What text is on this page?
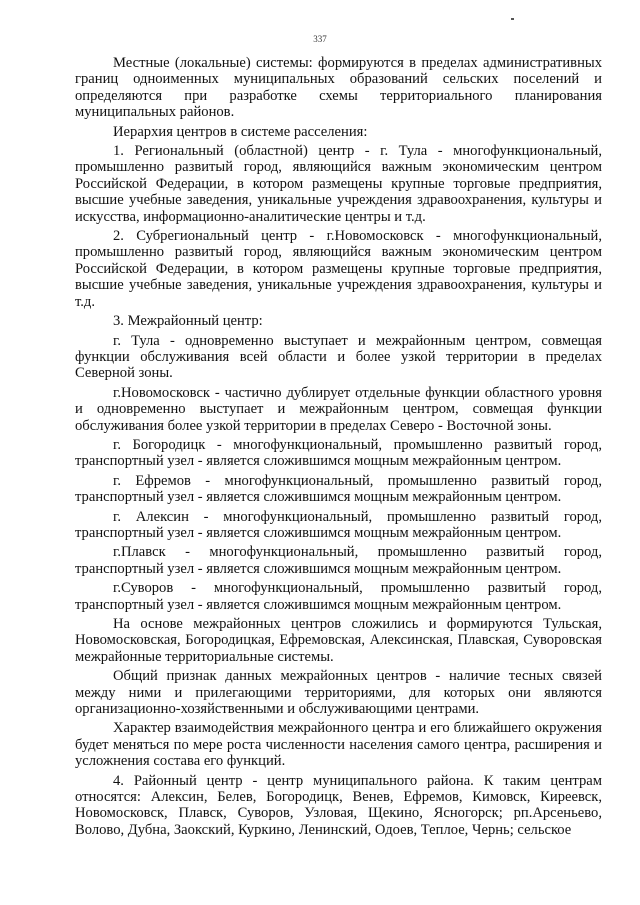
337

Местные (локальные) системы: формируются в пределах административных границ одноименных муниципальных образований сельских поселений и определяются при разработке схемы территориального планирования муниципальных районов.

Иерархия центров в системе расселения:

1. Региональный (областной) центр - г. Тула - многофункциональный, промышленно развитый город, являющийся важным экономическим центром Российской Федерации, в котором размещены крупные торговые предприятия, высшие учебные заведения, уникальные учреждения здравоохранения, культуры и искусства, информационно-аналитические центры и т.д.

2. Субрегиональный центр - г.Новомосковск - многофункциональный, промышленно развитый город, являющийся важным экономическим центром Российской Федерации, в котором размещены крупные торговые предприятия, высшие учебные заведения, уникальные учреждения здравоохранения, культуры и т.д.

3. Межрайонный центр:

г. Тула - одновременно выступает и межрайонным центром, совмещая функции обслуживания всей области и более узкой территории в пределах Северной зоны.

г.Новомосковск - частично дублирует отдельные функции областного уровня и одновременно выступает и межрайонным центром, совмещая функции обслуживания более узкой территории в пределах Северо - Восточной зоны.

г. Богородицк - многофункциональный, промышленно развитый город, транспортный узел - является сложившимся мощным межрайонным центром.

г. Ефремов - многофункциональный, промышленно развитый город, транспортный узел - является сложившимся мощным межрайонным центром.

г. Алексин - многофункциональный, промышленно развитый город, транспортный узел - является сложившимся мощным межрайонным центром.

г.Плавск - многофункциональный, промышленно развитый город, транспортный узел - является сложившимся мощным межрайонным центром.

г.Суворов - многофункциональный, промышленно развитый город, транспортный узел - является сложившимся мощным межрайонным центром.

На основе межрайонных центров сложились и формируются Тульская, Новомосковская, Богородицкая, Ефремовская, Алексинская, Плавская, Суворовская межрайонные территориальные системы.

Общий признак данных межрайонных центров - наличие тесных связей между ними и прилегающими территориями, для которых они являются организационно-хозяйственными и обслуживающими центрами.

Характер взаимодействия межрайонного центра и его ближайшего окружения будет меняться по мере роста численности населения самого центра, расширения и усложнения состава его функций.

4. Районный центр - центр муниципального района. К таким центрам относятся: Алексин, Белев, Богородицк, Венев, Ефремов, Кимовск, Киреевск, Новомосковск, Плавск, Суворов, Узловая, Щекино, Ясногорск; рп.Арсеньево, Волово, Дубна, Заокский, Куркино, Ленинский, Одоев, Теплое, Чернь; сельское
